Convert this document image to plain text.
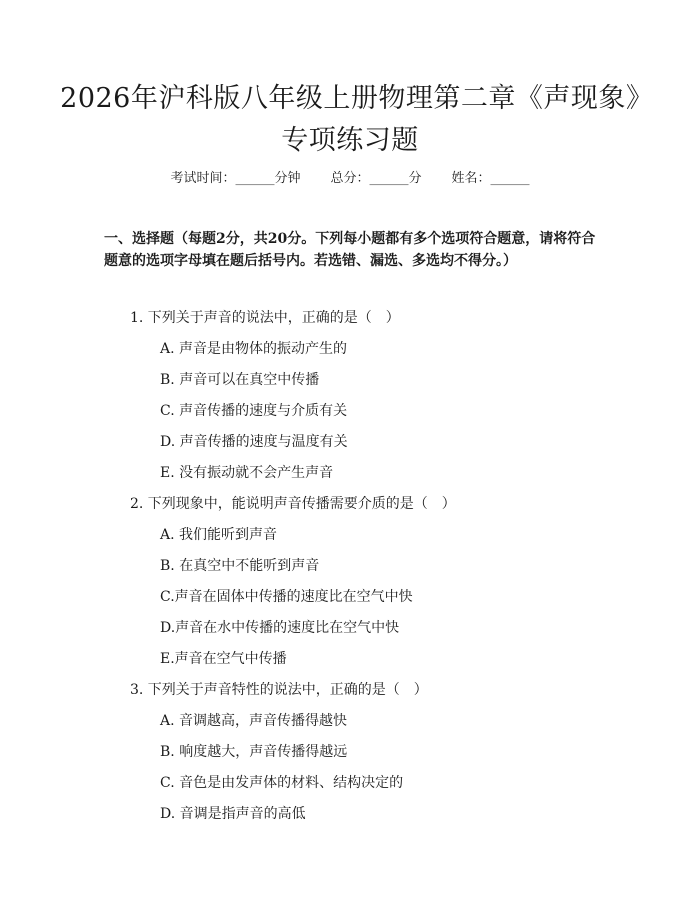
2026年沪科版八年级上册物理第二章《声现象》专项练习题
考试时间：______分钟 总分：______分 姓名：______
一、选择题（每题2分，共20分。下列每小题都有多个选项符合题意，请将符合题意的选项字母填在题后括号内。若选错、漏选、多选均不得分。）
1. 下列关于声音的说法中，正确的是（　）
A. 声音是由物体的振动产生的
B. 声音可以在真空中传播
C. 声音传播的速度与介质有关
D. 声音传播的速度与温度有关
E. 没有振动就不会产生声音
2. 下列现象中，能说明声音传播需要介质的是（　）
A. 我们能听到声音
B. 在真空中不能听到声音
C.声音在固体中传播的速度比在空气中快
D.声音在水中传播的速度比在空气中快
E.声音在空气中传播
3. 下列关于声音特性的说法中，正确的是（　）
A. 音调越高，声音传播得越快
B. 响度越大，声音传播得越远
C. 音色是由发声体的材料、结构决定的
D. 音调是指声音的高低
